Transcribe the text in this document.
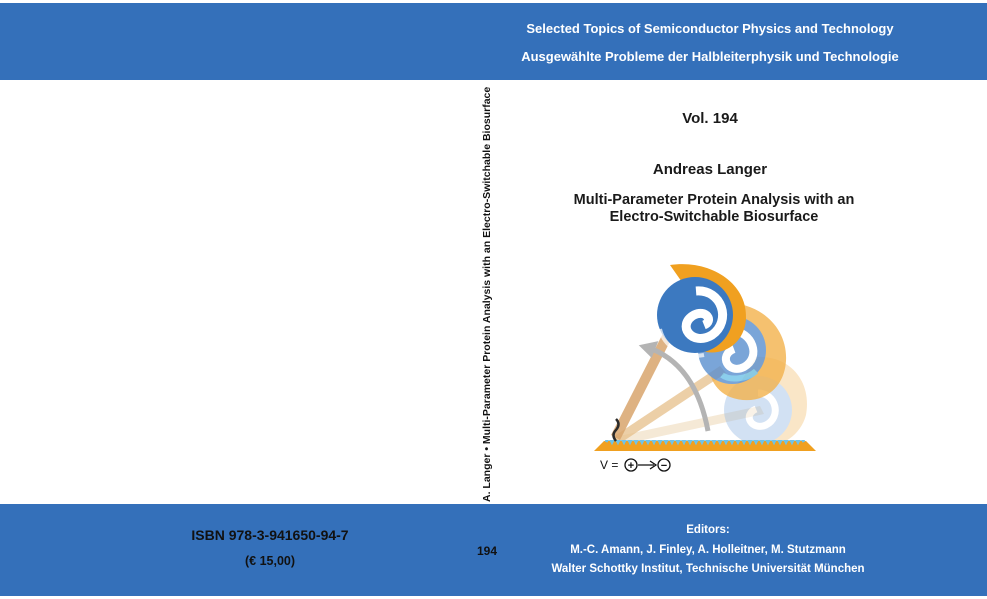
Selected Topics of Semiconductor Physics and Technology
Ausgewählte Probleme der Halbleiterphysik und Technologie
Vol. 194
Andreas Langer
Multi-Parameter Protein Analysis with an
Electro-Switchable Biosurface
A. Langer • Multi-Parameter Protein Analysis with an Electro-Switchable Biosurface	V = + −
ISBN 978-3-941650-94-7
(€ 15,00)
194
Editors:
M.-C. Amann, J. Finley, A. Holleitner, M. Stutzmann
Walter Schottky Institut, Technische Universität München
